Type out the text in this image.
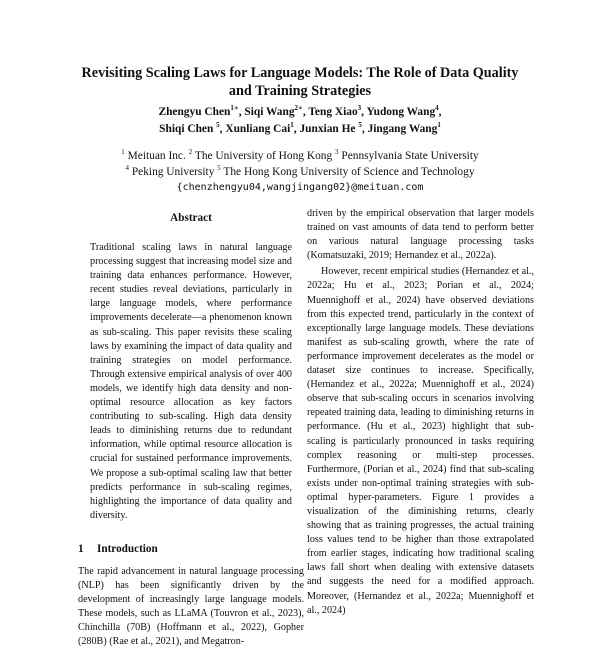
Revisiting Scaling Laws for Language Models: The Role of Data Quality
and Training Strategies
Zhengyu Chen$^{1∗}$, Siqi Wang$^{2∗}$, Teng Xiao$^3$, Yudong Wang$^4$,
Shiqi Chen $^5$, Xunliang Cai$^1$, Junxian He $^5$, Jingang Wang$^1$
$^1$ Meituan Inc. $^2$ The University of Hong Kong $^3$ Pennsylvania State University
$^4$ Peking University $^5$ The Hong Kong University of Science and Technology
{chenzhengyu04,wangjingang02}@meituan.com
Abstract

Traditional scaling laws in natural language processing suggest that increasing model size and training data enhances performance. However, recent studies reveal deviations, particularly in large language models, where performance improvements decelerate—a phenomenon known as sub-scaling. This paper revisits these scaling laws by examining the impact of data quality and training strategies on model performance. Through extensive empirical analysis of over 400 models, we identify high data density and non-optimal resource allocation as key factors contributing to sub-scaling. High data density leads to diminishing returns due to redundant information, while optimal resource allocation is crucial for sustained performance improvements. We propose a sub-optimal scaling law that better predicts performance in sub-scaling regimes, highlighting the importance of data quality and diversity.

1	Introduction

The rapid advancement in natural language processing (NLP) has been significantly driven by the development of increasingly large language models. These models, such as LLaMA (Touvron et al., 2023), Chinchilla (70B) (Hoffmann et al., 2022), Gopher (280B) (Rae et al., 2021), and Megatron-

driven by the empirical observation that larger models trained on vast amounts of data tend to perform better on various natural language processing tasks (Komatsuzaki, 2019; Hernandez et al., 2022a).

However, recent empirical studies (Hernandez et al., 2022a; Hu et al., 2023; Porian et al., 2024; Muennighoff et al., 2024) have observed deviations from this expected trend, particularly in the context of exceptionally large language models. These deviations manifest as sub-scaling growth, where the rate of performance improvement decelerates as the model or dataset size continues to increase. Specifically, (Hernandez et al., 2022a; Muennighoff et al., 2024) observe that sub-scaling occurs in scenarios involving repeated training data, leading to diminishing returns in performance. (Hu et al., 2023) highlight that sub-scaling is particularly pronounced in tasks requiring complex reasoning or multi-step processes. Furthermore, (Porian et al., 2024) find that sub-scaling exists under non-optimal training strategies with sub-optimal hyper-parameters. Figure 1 provides a visualization of the diminishing returns, clearly showing that as training progresses, the actual training loss values tend to be higher than those extrapolated from earlier stages, indicating how traditional scaling laws fall short when dealing with extensive datasets and suggests the need for a modified approach. Moreover, (Hernandez et al., 2022a; Muennighoff et al., 2024)
